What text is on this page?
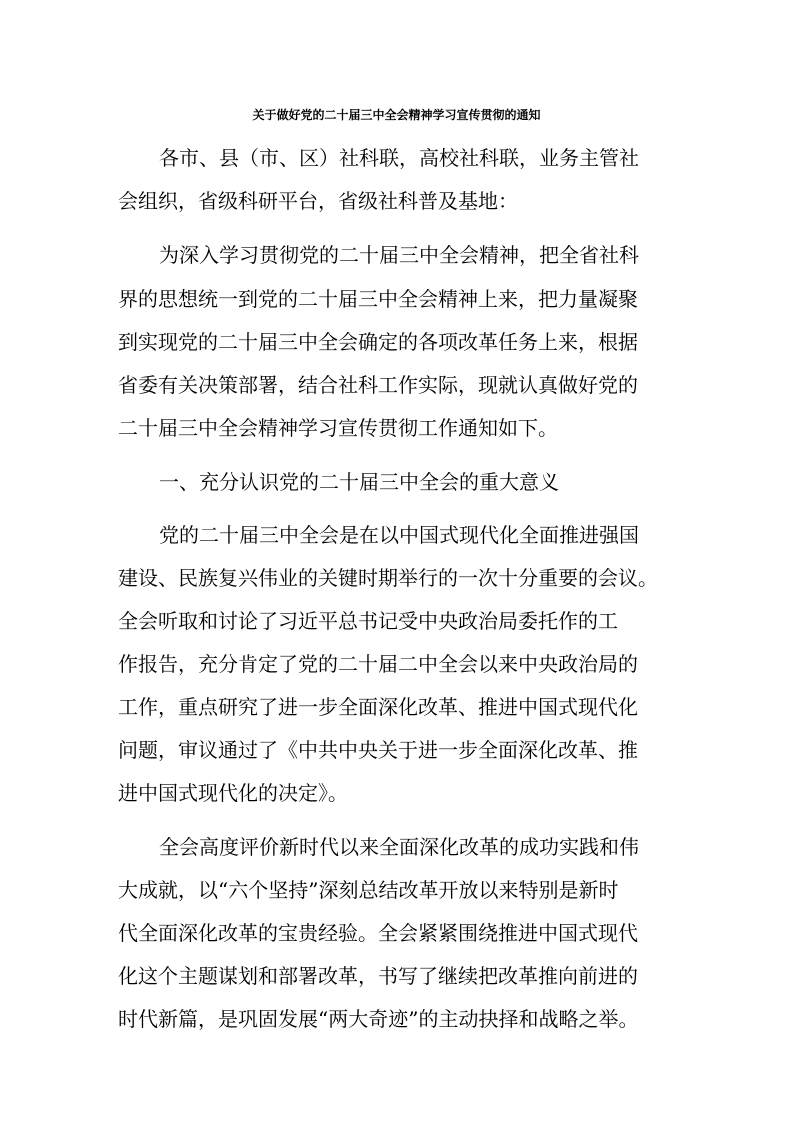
关于做好党的二十届三中全会精神学习宣传贯彻的通知
各市、县（市、区）社科联，高校社科联，业务主管社
会组织，省级科研平台，省级社科普及基地：
为深入学习贯彻党的二十届三中全会精神，把全省社科
界的思想统一到党的二十届三中全会精神上来，把力量凝聚
到实现党的二十届三中全会确定的各项改革任务上来，根据
省委有关决策部署，结合社科工作实际，现就认真做好党的
二十届三中全会精神学习宣传贯彻工作通知如下。
一、充分认识党的二十届三中全会的重大意义
党的二十届三中全会是在以中国式现代化全面推进强国
建设、民族复兴伟业的关键时期举行的一次十分重要的会议。
全会听取和讨论了习近平总书记受中央政治局委托作的工
作报告，充分肯定了党的二十届二中全会以来中央政治局的
工作，重点研究了进一步全面深化改革、推进中国式现代化
问题，审议通过了《中共中央关于进一步全面深化改革、推
进中国式现代化的决定》。
全会高度评价新时代以来全面深化改革的成功实践和伟
大成就，以“六个坚持”深刻总结改革开放以来特别是新时
代全面深化改革的宝贵经验。全会紧紧围绕推进中国式现代
化这个主题谋划和部署改革，书写了继续把改革推向前进的
时代新篇，是巩固发展“两大奇迹”的主动抉择和战略之举。
